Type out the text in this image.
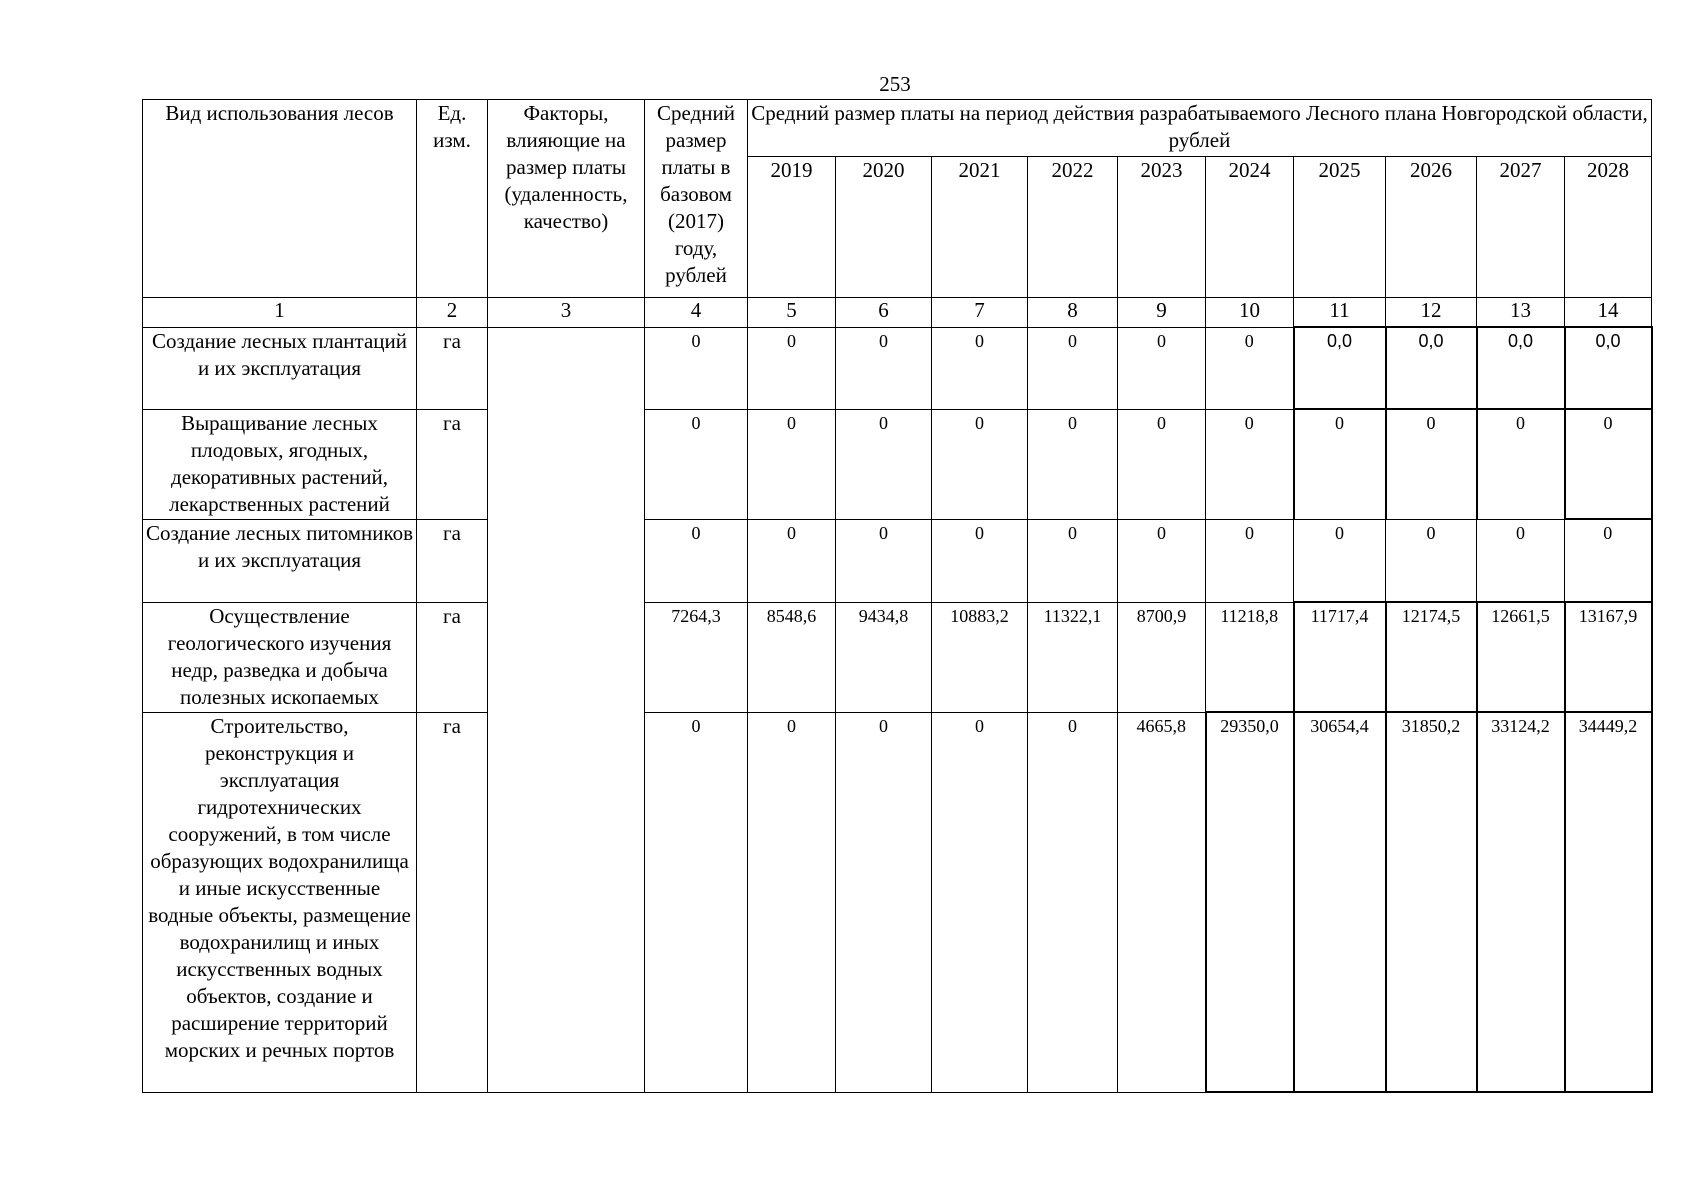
253
Вид использования лесов	Ед. изм.	Факторы, влияющие на размер платы (удаленность, качество)	Средний размер платы в базовом (2017) году, рублей	Средний размер платы на период действия разрабатываемого Лесного плана Новгородской области, рублей									
				2019	2020	2021	2022	2023	2024	2025	2026	2027	2028
1	2	3	4	5	6	7	8	9	10	11	12	13	14
Создание лесных плантаций и их эксплуатация	га		0	0	0	0	0	0	0	0,0	0,0	0,0	0,0
Выращивание лесных плодовых, ягодных, декоративных растений, лекарственных растений	га		0	0	0	0	0	0	0	0	0	0	0
Создание лесных питомников и их эксплуатация	га		0	0	0	0	0	0	0	0	0	0	0
Осуществление геологического изучения недр, разведка и добыча полезных ископаемых	га		7264,3	8548,6	9434,8	10883,2	11322,1	8700,9	11218,8	11717,4	12174,5	12661,5	13167,9
Строительство, реконструкция и эксплуатация гидротехнических сооружений, в том числе образующих водохранилища и иные искусственные водные объекты, размещение водохранилищ и иных искусственных водных объектов, создание и расширение территорий морских и речных портов	га		0	0	0	0	0	4665,8	29350,0	30654,4	31850,2	33124,2	34449,2
